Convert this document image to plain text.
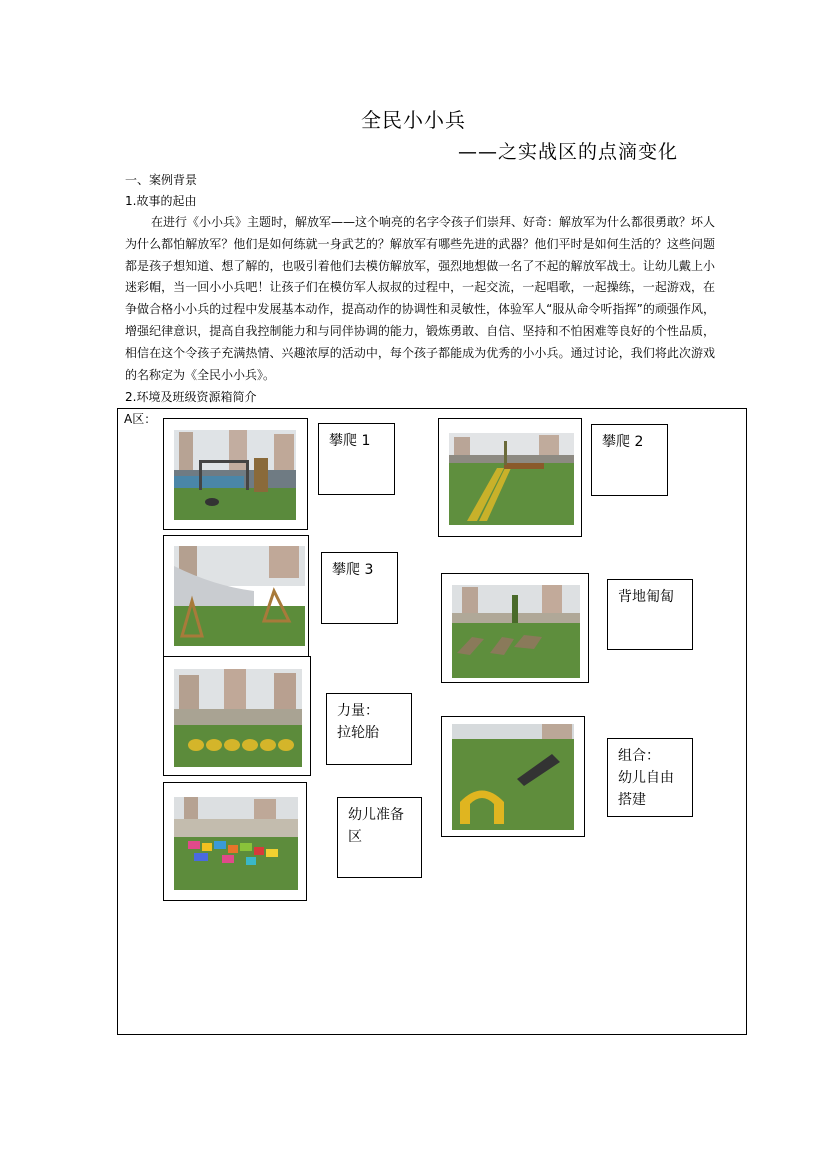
全民小小兵
——之实战区的点滴变化
一、案例背景
1.故事的起由
在进行《小小兵》主题时，解放军——这个响亮的名字令孩子们崇拜、好奇：解放军为什么都很勇敢？坏人为什么都怕解放军？他们是如何练就一身武艺的？解放军有哪些先进的武器？他们平时是如何生活的？这些问题都是孩子想知道、想了解的，也吸引着他们去模仿解放军，强烈地想做一名了不起的解放军战士。让幼儿戴上小迷彩帽，当一回小小兵吧！让孩子们在模仿军人叔叔的过程中，一起交流，一起唱歌，一起操练，一起游戏，在争做合格小小兵的过程中发展基本动作，提高动作的协调性和灵敏性，体验军人“服从命令听指挥”的顽强作风，增强纪律意识，提高自我控制能力和与同伴协调的能力，锻炼勇敢、自信、坚持和不怕困难等良好的个性品质，相信在这个令孩子充满热情、兴趣浓厚的活动中，每个孩子都能成为优秀的小小兵。通过讨论，我们将此次游戏的名称定为《全民小小兵》。
2.环境及班级资源箱简介
A区：
攀爬 1	攀爬 2
攀爬 3
背地匍匐
力量：
拉轮胎
组合：
幼儿自由
搭建
幼儿准备
区
